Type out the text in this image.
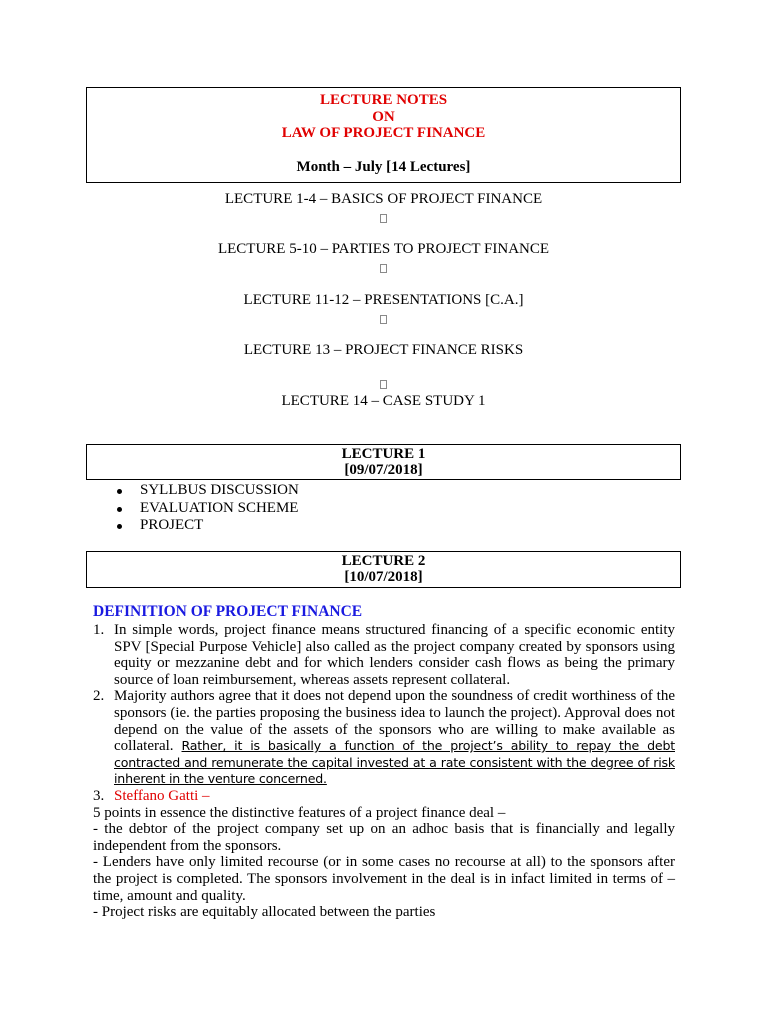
LECTURE NOTES
ON
LAW OF PROJECT FINANCE
Month – July [14 Lectures]
LECTURE 1-4 – BASICS OF PROJECT FINANCE
LECTURE 5-10 – PARTIES TO PROJECT FINANCE
LECTURE 11-12 – PRESENTATIONS [C.A.]
LECTURE 13 – PROJECT FINANCE RISKS
LECTURE 14 – CASE STUDY 1
LECTURE 1
[09/07/2018]
SYLLBUS DISCUSSION
EVALUATION SCHEME
PROJECT
LECTURE 2
[10/07/2018]
DEFINITION OF PROJECT FINANCE
1. In simple words, project finance means structured financing of a specific economic entity SPV [Special Purpose Vehicle] also called as the project company created by sponsors using equity or mezzanine debt and for which lenders consider cash flows as being the primary source of loan reimbursement, whereas assets represent collateral.
2. Majority authors agree that it does not depend upon the soundness of credit worthiness of the sponsors (ie. the parties proposing the business idea to launch the project). Approval does not depend on the value of the assets of the sponsors who are willing to make available as collateral. Rather, it is basically a function of the project’s ability to repay the debt contracted and remunerate the capital invested at a rate consistent with the degree of risk inherent in the venture concerned.
3. Steffano Gatti –
5 points in essence the distinctive features of a project finance deal –
- the debtor of the project company set up on an adhoc basis that is financially and legally independent from the sponsors.
- Lenders have only limited recourse (or in some cases no recourse at all) to the sponsors after the project is completed. The sponsors involvement in the deal is in infact limited in terms of – time, amount and quality.
- Project risks are equitably allocated between the parties
